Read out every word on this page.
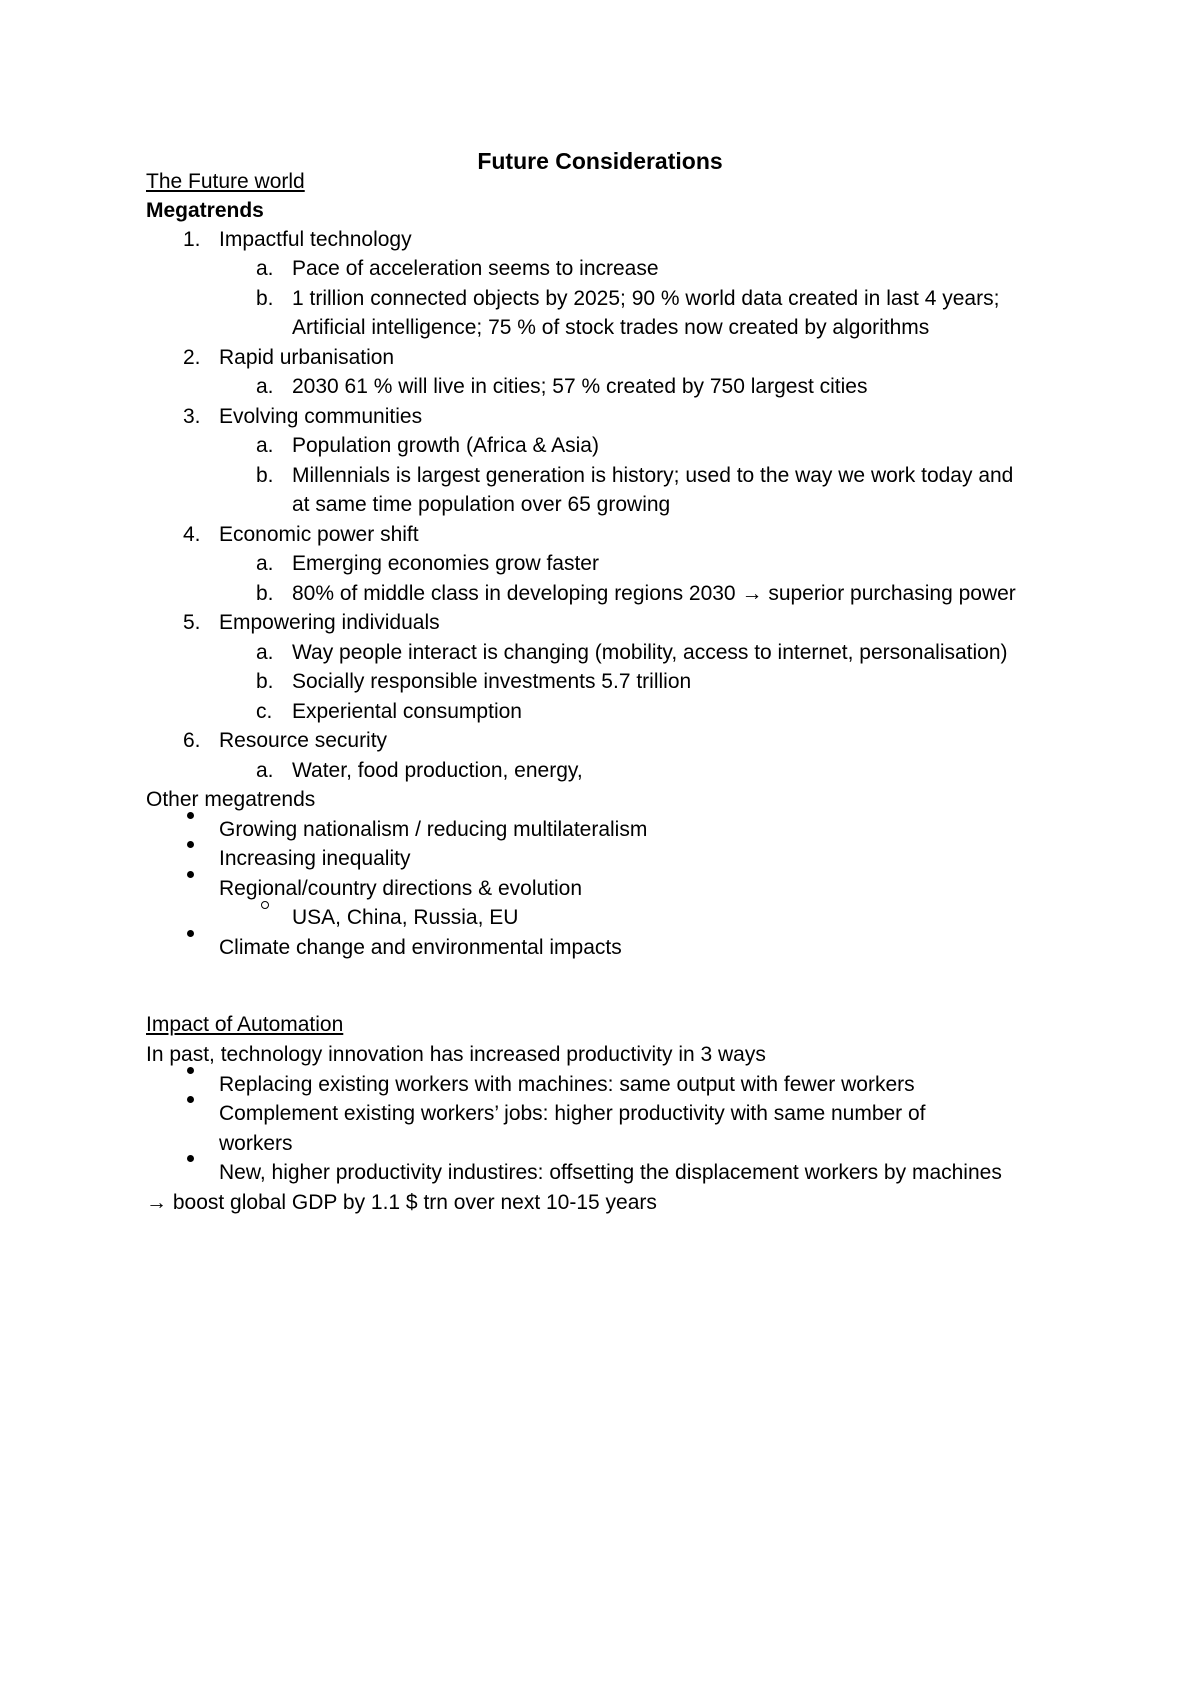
Future Considerations
The Future world
Megatrends
1. Impactful technology
a. Pace of acceleration seems to increase
b. 1 trillion connected objects by 2025; 90 % world data created in last 4 years;
Artificial intelligence; 75 % of stock trades now created by algorithms
2. Rapid urbanisation
a. 2030 61 % will live in cities; 57 % created by 750 largest cities
3. Evolving communities
a. Population growth (Africa & Asia)
b. Millennials is largest generation is history; used to the way we work today and
at same time population over 65 growing
4. Economic power shift
a. Emerging economies grow faster
b. 80% of middle class in developing regions 2030 → superior purchasing power
5. Empowering individuals
a. Way people interact is changing (mobility, access to internet, personalisation)
b. Socially responsible investments 5.7 trillion
c. Experiental consumption
6. Resource security
a. Water, food production, energy,
Other megatrends
Growing nationalism / reducing multilateralism
Increasing inequality
Regional/country directions & evolution
USA, China, Russia, EU
Climate change and environmental impacts
Impact of Automation
In past, technology innovation has increased productivity in 3 ways
Replacing existing workers with machines: same output with fewer workers
Complement existing workers’ jobs: higher productivity with same number of
workers
New, higher productivity industires: offsetting the displacement workers by machines
→ boost global GDP by 1.1 $ trn over next 10-15 years
